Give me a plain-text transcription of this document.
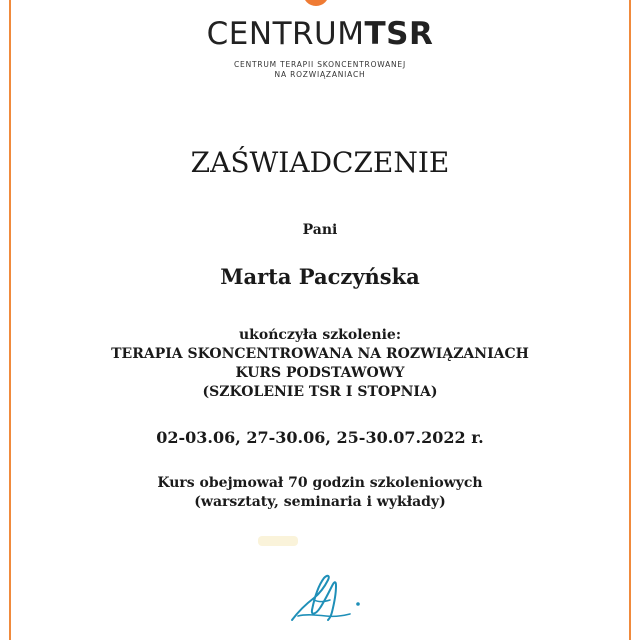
CENTRUMTSR
CENTRUM TERAPII SKONCENTROWANEJ
NA ROZWIĄZANIACH
ZAŚWIADCZENIE
Pani
Marta Paczyńska
ukończyła szkolenie:
TERAPIA SKONCENTROWANA NA ROZWIĄZANIACH
KURS PODSTAWOWY
(SZKOLENIE TSR I STOPNIA)
02-03.06, 27-30.06, 25-30.07.2022 r.
Kurs obejmował 70 godzin szkoleniowych
(warsztaty, seminaria i wykłady)
